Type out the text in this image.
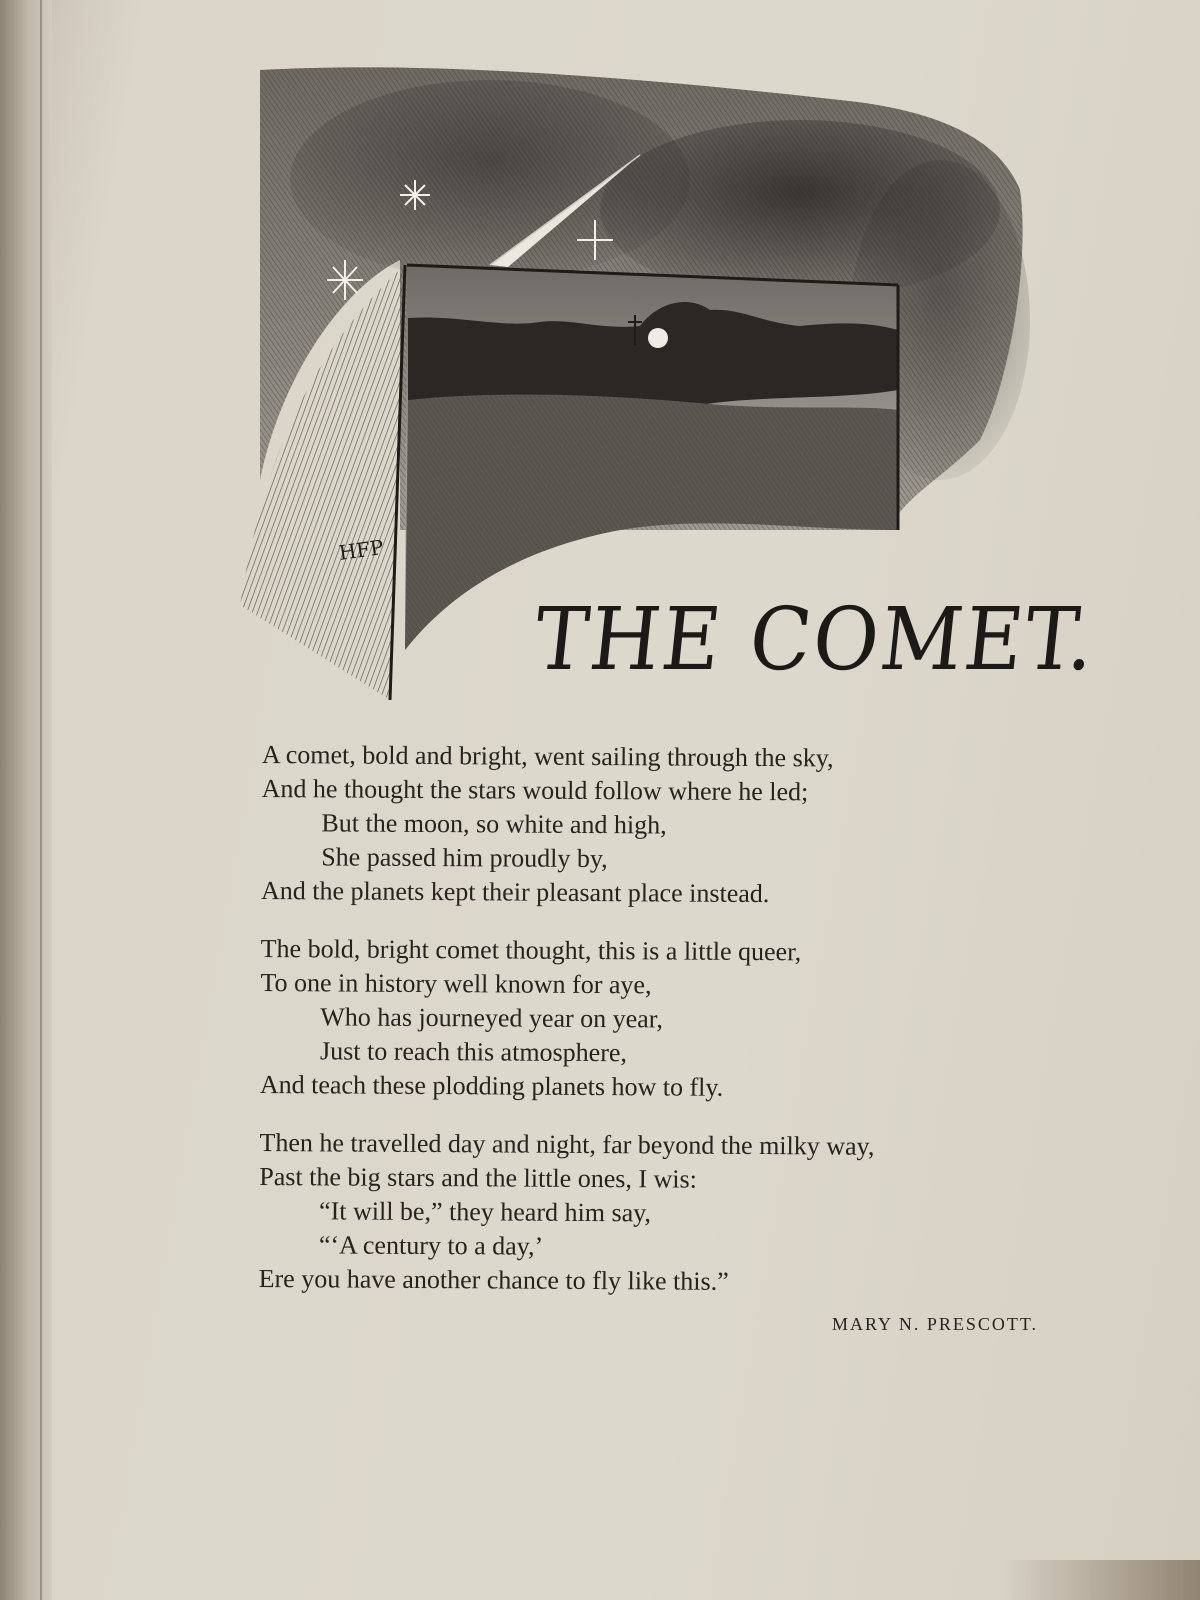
HFP
THE COMET.
A comet, bold and bright, went sailing through the sky,
And he thought the stars would follow where he led;
But the moon, so white and high,
She passed him proudly by,
And the planets kept their pleasant place instead.
The bold, bright comet thought, this is a little queer,
To one in history well known for aye,
Who has journeyed year on year,
Just to reach this atmosphere,
And teach these plodding planets how to fly.
Then he travelled day and night, far beyond the milky way,
Past the big stars and the little ones, I wis:
“It will be,” they heard him say,
“‘A century to a day,’
Ere you have another chance to fly like this.”
MARY N. PRESCOTT.
